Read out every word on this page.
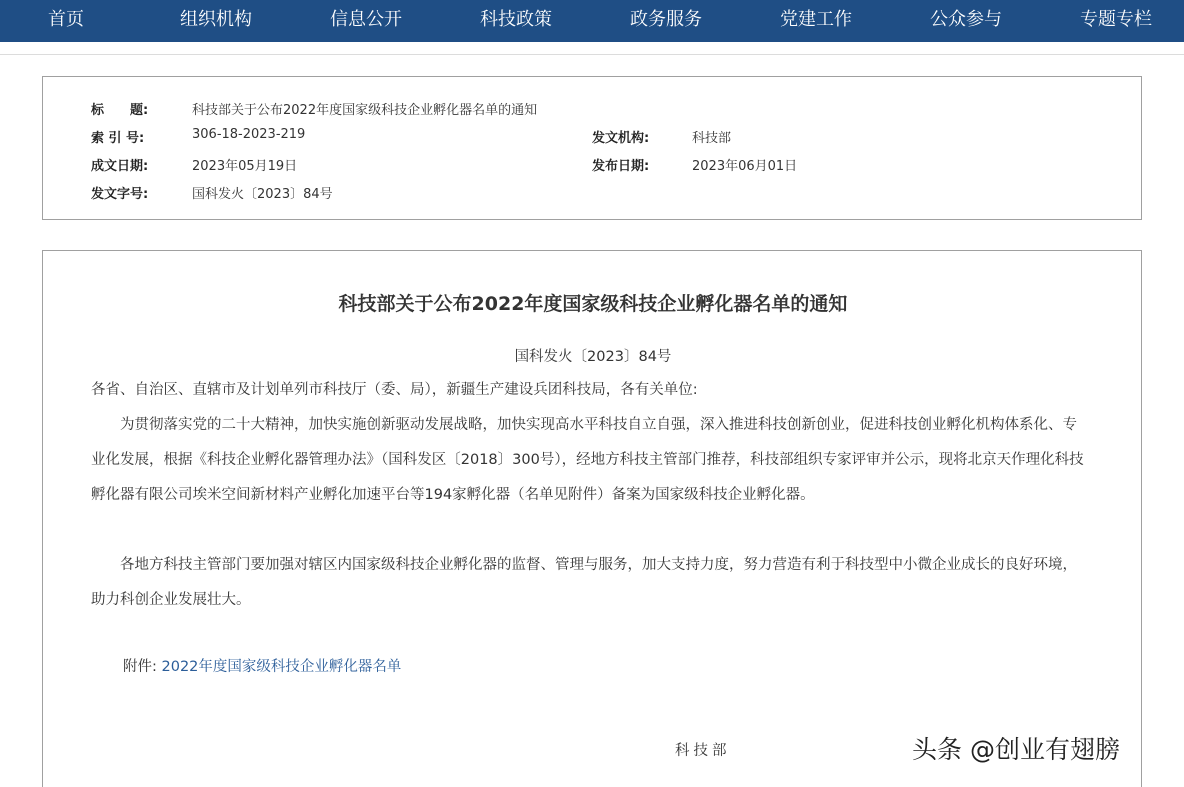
首页	组织机构	信息公开	科技政策	政务服务	党建工作	公众参与	专题专栏
标　　题:	科技部关于公布2022年度国家级科技企业孵化器名单的通知
索 引 号:	306-18-2023-219	发文机构:	科技部
成文日期:	2023年05月19日	发布日期:	2023年06月01日
发文字号:	国科发火〔2023〕84号
科技部关于公布2022年度国家级科技企业孵化器名单的通知
国科发火〔2023〕84号
各省、自治区、直辖市及计划单列市科技厅（委、局），新疆生产建设兵团科技局，各有关单位:
为贯彻落实党的二十大精神，加快实施创新驱动发展战略，加快实现高水平科技自立自强，深入推进科技创新创业，促进科技创业孵化机构体系化、专业化发展，根据《科技企业孵化器管理办法》（国科发区〔2018〕300号），经地方科技主管部门推荐，科技部组织专家评审并公示，现将北京天作理化科技孵化器有限公司埃米空间新材料产业孵化加速平台等194家孵化器（名单见附件）备案为国家级科技企业孵化器。
各地方科技主管部门要加强对辖区内国家级科技企业孵化器的监督、管理与服务，加大支持力度，努力营造有利于科技型中小微企业成长的良好环境，助力科创企业发展壮大。
附件: 2022年度国家级科技企业孵化器名单
科技部	头条 @创业有翅膀
